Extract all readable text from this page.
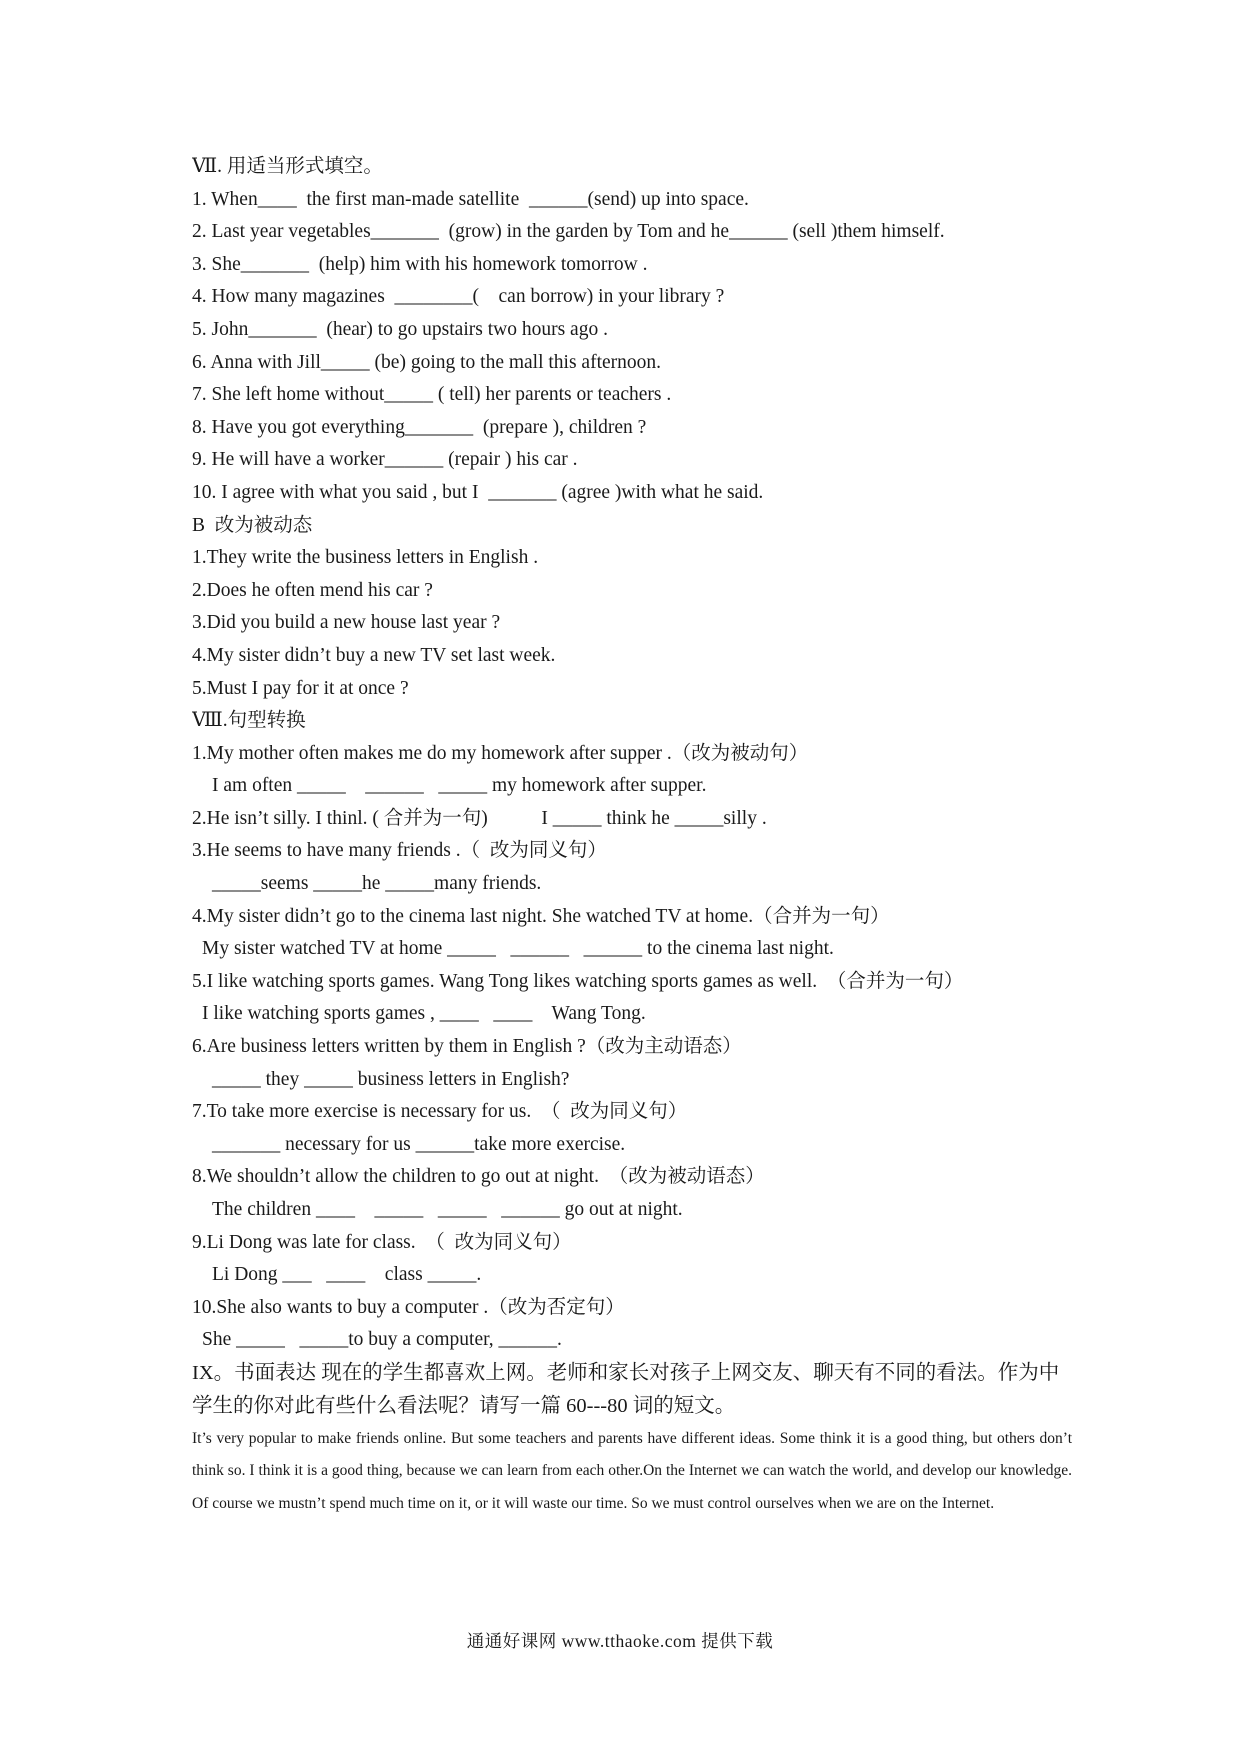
Ⅶ. 用适当形式填空。
1. When____  the first man-made satellite  ______(send) up into space.
2. Last year vegetables_______  (grow) in the garden by Tom and he______ (sell )them himself.
3. She_______  (help) him with his homework tomorrow .
4. How many magazines  ________(    can borrow) in your library ?
5. John_______  (hear) to go upstairs two hours ago .
6. Anna with Jill_____ (be) going to the mall this afternoon.
7. She left home without_____ ( tell) her parents or teachers .
8. Have you got everything_______  (prepare ), children ?
9. He will have a worker______ (repair ) his car .
10. I agree with what you said , but I  _______ (agree )with what he said.
B  改为被动态
1.They write the business letters in English .
2.Does he often mend his car ?
3.Did you build a new house last year ?
4.My sister didn’t buy a new TV set last week.
5.Must I pay for it at once ?
Ⅷ.句型转换
1.My mother often makes me do my homework after supper .（改为被动句）
I am often _____    ______   _____ my homework after supper.
2.He isn’t silly. I thinl. ( 合并为一句)           I _____ think he _____silly .
3.He seems to have many friends .（  改为同义句）
_____seems _____he _____many friends.
4.My sister didn’t go to the cinema last night. She watched TV at home.（合并为一句）
My sister watched TV at home _____   ______   ______ to the cinema last night.
5.I like watching sports games. Wang Tong likes watching sports games as well.  （合并为一句）
I like watching sports games , ____   ____    Wang Tong.
6.Are business letters written by them in English ?（改为主动语态）
_____ they _____ business letters in English?
7.To take more exercise is necessary for us.  （  改为同义句）
_______ necessary for us ______take more exercise.
8.We shouldn’t allow the children to go out at night.  （改为被动语态）
The children ____    _____   _____   ______ go out at night.
9.Li Dong was late for class.  （  改为同义句）
Li Dong ___   ____    class _____.
10.She also wants to buy a computer .（改为否定句）
She _____   _____to buy a computer, ______.
IX。书面表达 现在的学生都喜欢上网。老师和家长对孩子上网交友、聊天有不同的看法。作为中学生的你对此有些什么看法呢？请写一篇 60---80 词的短文。
It’s very popular to make friends online. But some teachers and parents have different ideas. Some think it is a good thing, but others don’t think so. I think it is a good thing, because we can learn from each other.On the Internet we can watch the world, and develop our knowledge. Of course we mustn’t spend much time on it, or it will waste our time. So we must control ourselves when we are on the Internet.
通通好课网 www.tthaoke.com 提供下载
